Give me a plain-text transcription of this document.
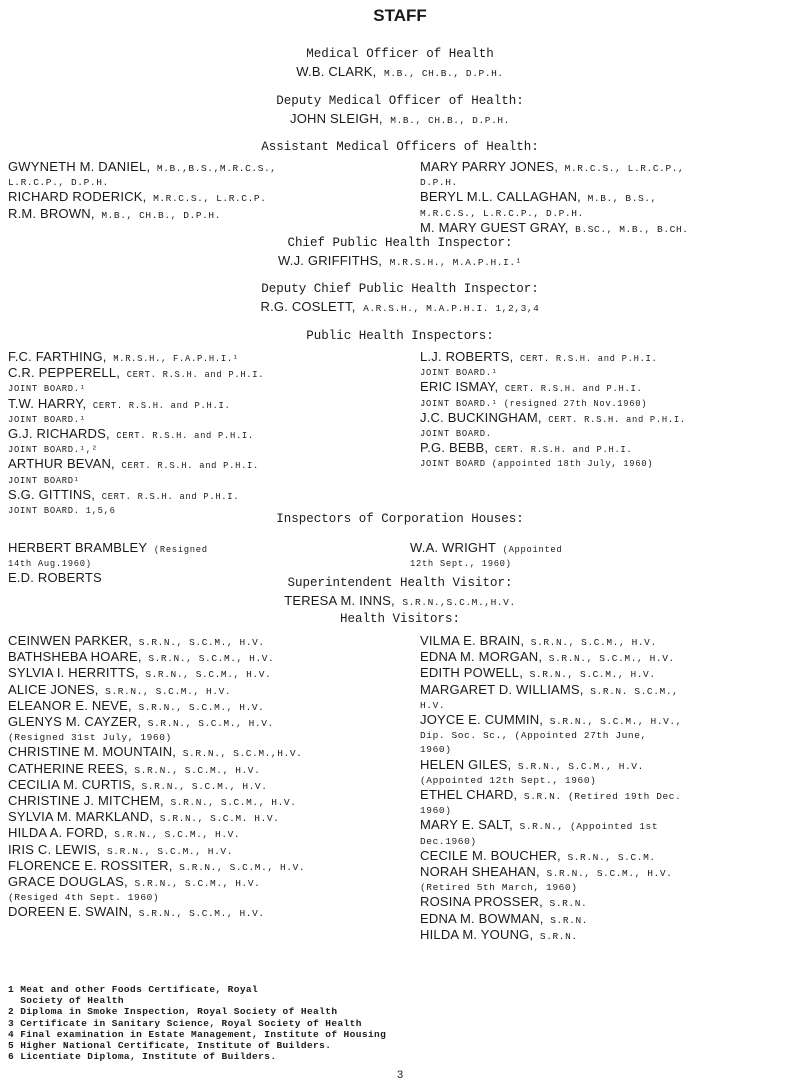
STAFF
Medical Officer of Health
W.B. CLARK, M.B., CH.B., D.P.H.
Deputy Medical Officer of Health:
JOHN SLEIGH, M.B., CH.B., D.P.H.
Assistant Medical Officers of Health:
GWYNETH M. DANIEL, M.B.,B.S.,M.R.C.S.,
L.R.C.P., D.P.H.
RICHARD RODERICK, M.R.C.S., L.R.C.P.
R.M. BROWN, M.B., CH.B., D.P.H.
MARY PARRY JONES, M.R.C.S., L.R.C.P.,
D.P.H.
BERYL M.L. CALLAGHAN, M.B., B.S.,
M.R.C.S., L.R.C.P., D.P.H.
M. MARY GUEST GRAY, B.SC., M.B., B.CH.
Chief Public Health Inspector:
W.J. GRIFFITHS, M.R.S.H., M.A.P.H.I.¹
Deputy Chief Public Health Inspector:
R.G. COSLETT, A.R.S.H., M.A.P.H.I. 1,2,3,4
Public Health Inspectors:
F.C. FARTHING, M.R.S.H., F.A.P.H.I.¹
C.R. PEPPERELL, CERT. R.S.H. and P.H.I.
JOINT BOARD.¹
T.W. HARRY, CERT. R.S.H. and P.H.I.
JOINT BOARD.¹
G.J. RICHARDS, CERT. R.S.H. and P.H.I.
JOINT BOARD.¹,²
ARTHUR BEVAN, CERT. R.S.H. and P.H.I.
JOINT BOARD¹
S.G. GITTINS, CERT. R.S.H. and P.H.I.
JOINT BOARD. 1,5,6
L.J. ROBERTS, CERT. R.S.H. and P.H.I.
JOINT BOARD.¹
ERIC ISMAY, CERT. R.S.H. and P.H.I.
JOINT BOARD.¹ (resigned 27th Nov.1960)
J.C. BUCKINGHAM, CERT. R.S.H. and P.H.I.
JOINT BOARD.
P.G. BEBB, CERT. R.S.H. and P.H.I.
JOINT BOARD (appointed 18th July, 1960)
Inspectors of Corporation Houses:
HERBERT BRAMBLEY (Resigned
14th Aug.1960)
E.D. ROBERTS
W.A. WRIGHT (Appointed
12th Sept., 1960)
Superintendent Health Visitor:
TERESA M. INNS, S.R.N.,S.C.M.,H.V.
Health Visitors:
CEINWEN PARKER, S.R.N., S.C.M., H.V.
BATHSHEBA HOARE, S.R.N., S.C.M., H.V.
SYLVIA I. HERRITTS, S.R.N., S.C.M., H.V.
ALICE JONES, S.R.N., S.C.M., H.V.
ELEANOR E. NEVE, S.R.N., S.C.M., H.V.
GLENYS M. CAYZER, S.R.N., S.C.M., H.V.
(Resigned 31st July, 1960)
CHRISTINE M. MOUNTAIN, S.R.N., S.C.M.,H.V.
CATHERINE REES, S.R.N., S.C.M., H.V.
CECILIA M. CURTIS, S.R.N., S.C.M., H.V.
CHRISTINE J. MITCHEM, S.R.N., S.C.M., H.V.
SYLVIA M. MARKLAND, S.R.N., S.C.M. H.V.
HILDA A. FORD, S.R.N., S.C.M., H.V.
IRIS C. LEWIS, S.R.N., S.C.M., H.V.
FLORENCE E. ROSSITER, S.R.N., S.C.M., H.V.
GRACE DOUGLAS, S.R.N., S.C.M., H.V.
(Resiged 4th Sept. 1960)
DOREEN E. SWAIN, S.R.N., S.C.M., H.V.
VILMA E. BRAIN, S.R.N., S.C.M., H.V.
EDNA M. MORGAN, S.R.N., S.C.M., H.V.
EDITH POWELL, S.R.N., S.C.M., H.V.
MARGARET D. WILLIAMS, S.R.N. S.C.M.,
H.V.
JOYCE E. CUMMIN, S.R.N., S.C.M., H.V.,
Dip. Soc. Sc., (Appointed 27th June,
1960)
HELEN GILES, S.R.N., S.C.M., H.V.
(Appointed 12th Sept., 1960)
ETHEL CHARD, S.R.N. (Retired 19th Dec.
1960)
MARY E. SALT, S.R.N., (Appointed 1st
Dec.1960)
CECILE M. BOUCHER, S.R.N., S.C.M.
NORAH SHEAHAN, S.R.N., S.C.M., H.V.
(Retired 5th March, 1960)
ROSINA PROSSER, S.R.N.
EDNA M. BOWMAN, S.R.N.
HILDA M. YOUNG, S.R.N.
1 Meat and other Foods Certificate, Royal
Society of Health
2 Diploma in Smoke Inspection, Royal Society of Health
3 Certificate in Sanitary Science, Royal Society of Health
4 Final examination in Estate Management, Institute of Housing
5 Higher National Certificate, Institute of Builders.
6 Licentiate Diploma, Institute of Builders.
3
